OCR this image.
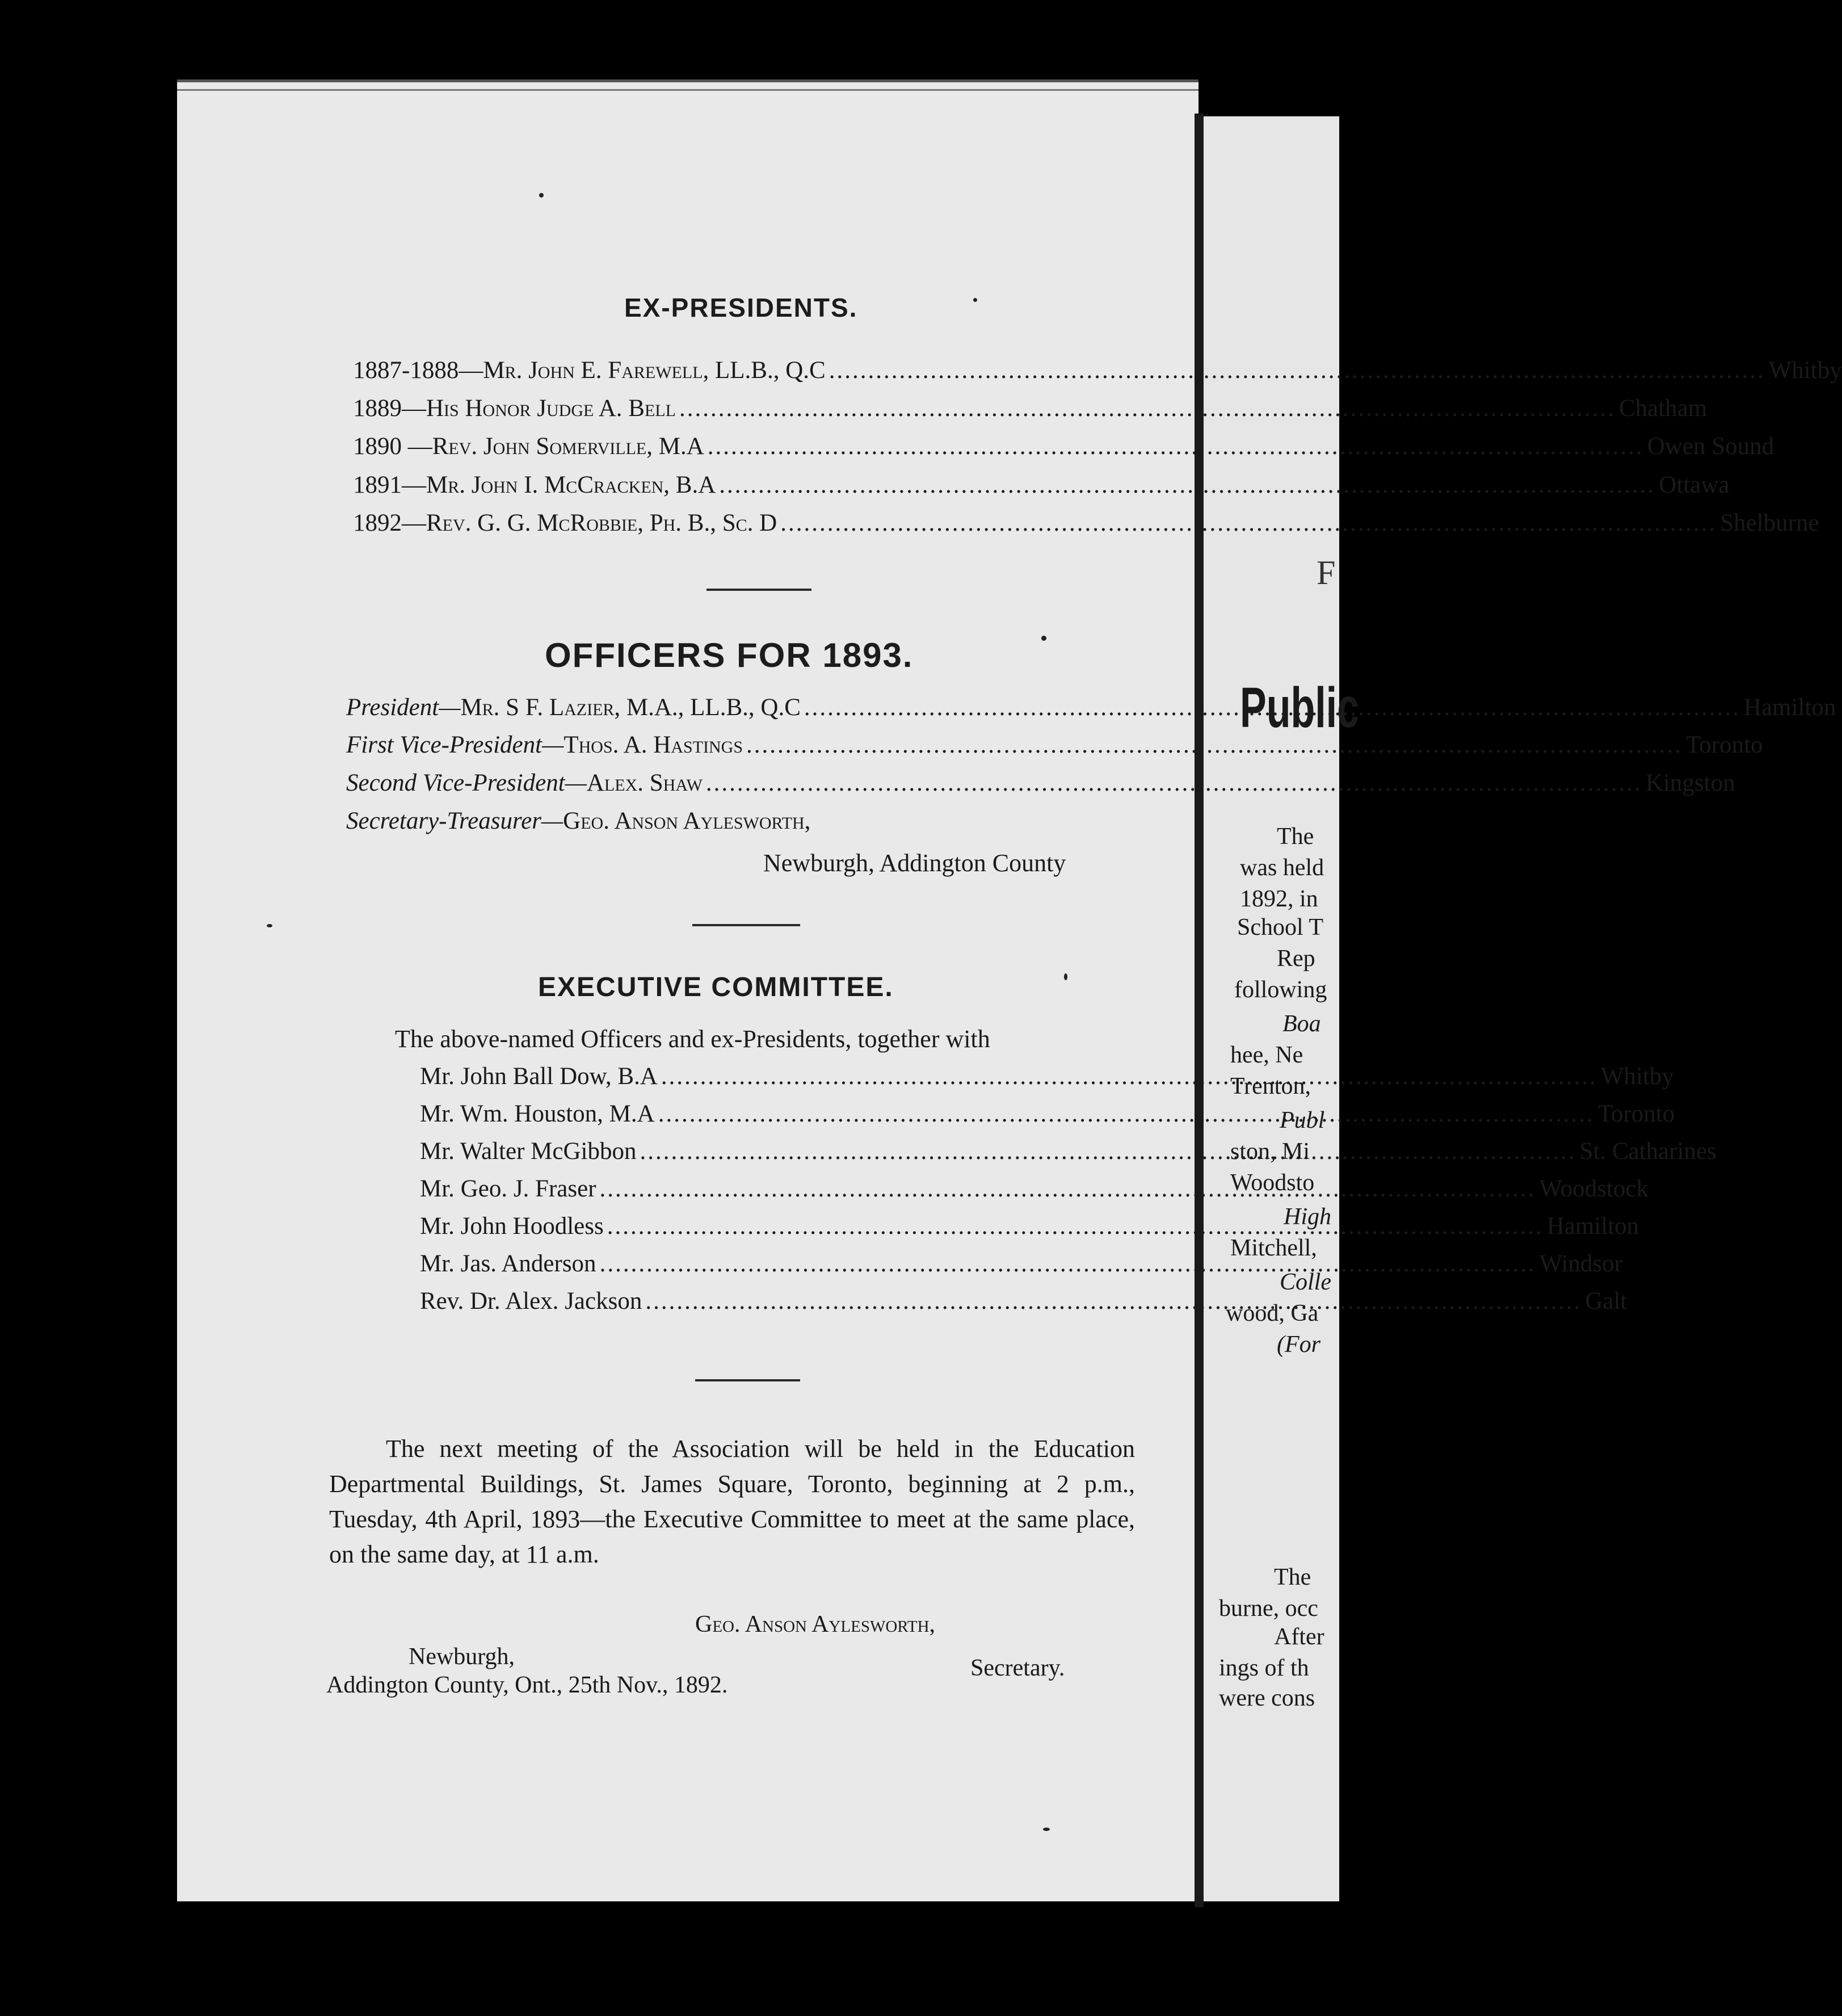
EX-PRESIDENTS.
1887-1888—Mr. John E. Farewell, LL.B., Q.C .....	Whitby
1889—His Honor Judge A. Bell .....	Chatham
1890 —Rev. John Somerville, M.A .....	Owen Sound
1891—Mr. John I. McCracken, B.A .....	Ottawa
1892—Rev. G. G. McRobbie, Ph. B., Sc. D .....	Shelburne
OFFICERS FOR 1893.
President— Mr. S F. Lazier, M.A., LL.B., Q.C .....	Hamilton
First Vice-President— Thos. A. Hastings .....	Toronto
Second Vice-President— Alex. Shaw .....	Kingston
Secretary-Treasurer— Geo. Anson Aylesworth,
Newburgh, Addington County
EXECUTIVE COMMITTEE.
The above-named Officers and ex-Presidents, together with
Mr. John Ball Dow, B.A .....	Whitby
Mr. Wm. Houston, M.A .....	Toronto
Mr. Walter McGibbon .....	St. Catharines
Mr. Geo. J. Fraser .....	Woodstock
Mr. John Hoodless .....	Hamilton
Mr. Jas. Anderson .....	Windsor
Rev. Dr. Alex. Jackson .....	Galt
The next meeting of the Association will be held in the Education Departmental Buildings, St. James Square, Toronto, beginning at 2 p.m., Tuesday, 4th April, 1893—the Executive Committee to meet at the same place, on the same day, at 11 a.m.
Geo. Anson Aylesworth,
Newburgh,	Secretary.
Addington County, Ont., 25th Nov., 1892.
F
Public
The
was held
1892, in
School T
Rep
following
Boa
hee, Ne
Trenton,
Publ
ston, Mi
Woodsto
High
Mitchell,
Colle
wood, Ga
(For
The
burne, occ
After
ings of th
were cons
